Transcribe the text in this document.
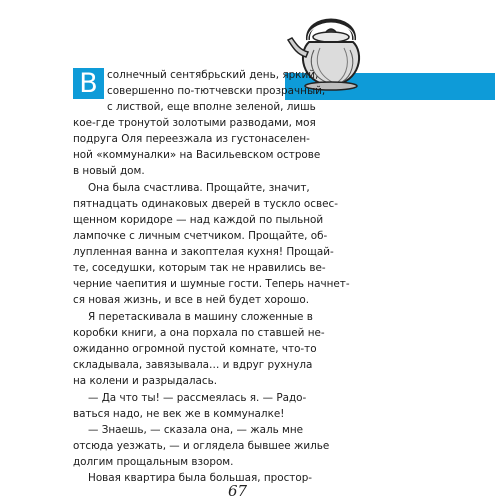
В солнечный сентябрьский день, яркий,
совершенно по-тютчевски прозрачный,
с листвой, еще вполне зеленой, лишь
кое-где тронутой золотыми разводами, моя
подруга Оля переезжала из густонаселен-
ной «коммуналки» на Васильевском острове
в новый дом.
Она была счастлива. Прощайте, значит,
пятнадцать одинаковых дверей в тускло освес-
щенном коридоре — над каждой по пыльной
лампочке с личным счетчиком. Прощайте, об-
лупленная ванна и закоптелая кухня! Прощай-
те, соседушки, которым так не нравились ве-
черние чаепития и шумные гости. Теперь начнет-
ся новая жизнь, и все в ней будет хорошо.
Я перетаскивала в машину сложенные в
коробки книги, а она порхала по ставшей не-
ожиданно огромной пустой комнате, что-то
складывала, завязывала… и вдруг рухнула
на колени и разрыдалась.
— Да что ты! — рассмеялась я. — Радо-
ваться надо, не век же в коммуналке!
— Знаешь, — сказала она, — жаль мне
отсюда уезжать, — и оглядела бывшее жилье
долгим прощальным взором.
Новая квартира была большая, простор-
67
